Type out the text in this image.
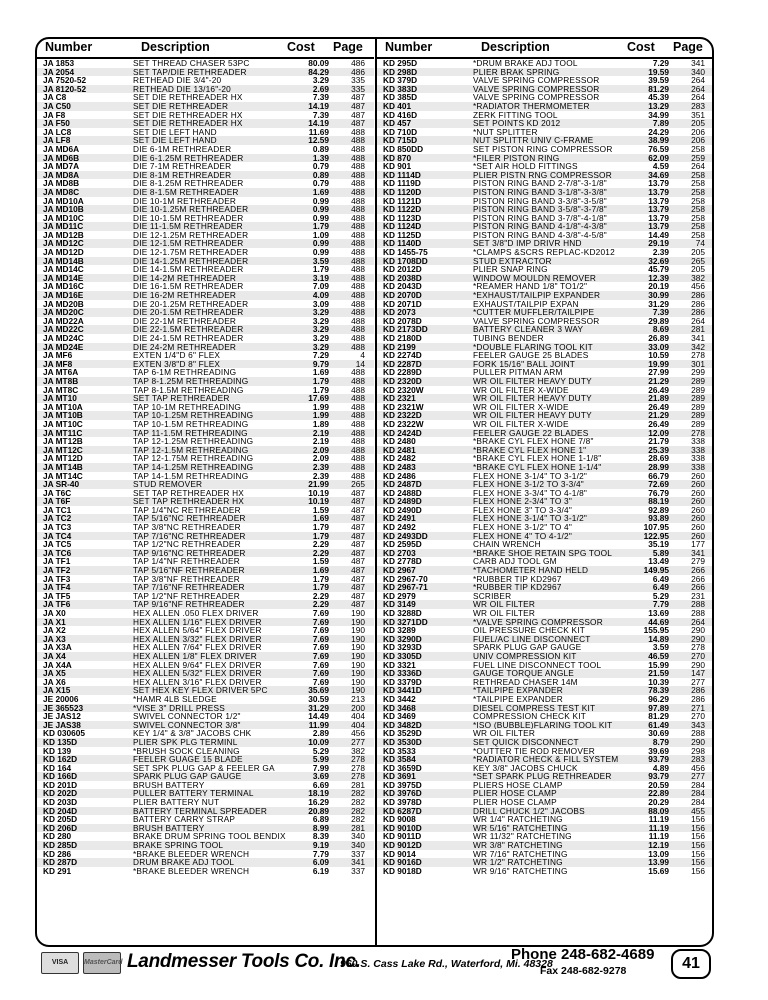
Number	Description	Cost Page
JA 1853	SET THREAD CHASER 53PC	80.09	486
JA 2054	SET TAP/DIE RETHREADER	84.29	486
JA 7520-52	RETHEAD DIE 3/4"-20	3.29	335
JA 8120-52	RETHEAD DIE 13/16"-20	2.69	335
JA C8	SET DIE RETHREADER HX	7.39	487
JA C50	SET DIE RETHREADER	14.19	487
JA F8	SET DIE RETHREADER HX	7.39	487
JA F50	SET DIE RETHREADER HX	14.19	487
JA LC8	SET DIE LEFT HAND	11.69	488
JA LF8	SET DIE LEFT HAND	12.59	488
JA MD6A	DIE 6-1M RETHREADER	0.89	488
JA MD6B	DIE 6-1.25M RETHREADER	1.39	488
JA MD7A	DIE 7-1M RETHREADER	0.79	488
JA MD8A	DIE 8-1M RETHREADER	0.89	488
JA MD8B	DIE 8-1.25M RETHREADER	0.79	488
JA MD8C	DIE 8-1.5M RETHREADER	1.69	488
JA MD10A	DIE 10-1M RETHREADER	0.99	488
JA MD10B	DIE 10-1.25M RETHREADER	0.99	488
JA MD10C	DIE 10-1.5M RETHREADER	0.99	488
JA MD11C	DIE 11-1.5M RETHREADER	1.79	488
JA MD12B	DIE 12-1.25M RETHREADER	1.09	488
JA MD12C	DIE 12-1.5M RETHREADER	0.99	488
JA MD12D	DIE 12-1.75M RETHREADER	0.99	488
JA MD14B	DIE 14-1.25M RETHREADER	3.59	488
JA MD14C	DIE 14-1.5M RETHREADER	1.79	488
JA MD14E	DIE 14-2M RETHREADER	3.19	488
JA MD16C	DIE 16-1.5M RETHREADER	7.09	488
JA MD16E	DIE 16-2M RETHREADER	4.09	488
JA MD20B	DIE 20-1.25M RETHREADER	3.09	488
JA MD20C	DIE 20-1.5M RETHREADER	3.29	488
JA MD22A	DIE 22-1M RETHREADER	3.29	488
JA MD22C	DIE 22-1.5M RETHREADER	3.29	488
JA MD24C	DIE 24-1.5M RETHREADER	3.29	488
JA MD24E	DIE 24-2M RETHREADER	3.29	488
JA MF6	EXTEN 1/4"D 6" FLEX	7.29	4
JA MF8	EXTEN 3/8"D 8" FLEX	9.79	14
JA MT6A	TAP 6-1M RETHREADING	1.69	488
JA MT8B	TAP 8-1.25M RETHREADING	1.79	488
JA MT8C	TAP 8-1.5M RETHREADING	1.79	488
JA MT10	SET TAP RETHREADER	17.69	488
JA MT10A	TAP 10-1M RETHREADING	1.99	488
JA MT10B	TAP 10-1.25M RETHREADING	1.99	488
JA MT10C	TAP 10-1.5M RETHREADING	1.89	488
JA MT11C	TAP 11-1.5M RETHREADING	2.19	488
JA MT12B	TAP 12-1.25M RETHREADING	2.19	488
JA MT12C	TAP 12-1.5M RETHREADING	2.09	488
JA MT12D	TAP 12-1.75M RETHREADING	2.09	488
JA MT14B	TAP 14-1.25M RETHREADING	2.39	488
JA MT14C	TAP 14-1.5M RETHREADING	2.39	488
JA SR-40	STUD REMOVER	21.99	265
JA T6C	SET TAP RETHREADER HX	10.19	487
JA T6F	SET TAP RETHREADER HX	10.19	487
JA TC1	TAP 1/4"NC RETHREADER	1.59	487
JA TC2	TAP 5/16"NC RETHREADER	1.69	487
JA TC3	TAP 3/8"NC RETHREADER	1.79	487
JA TC4	TAP 7/16"NC RETHREADER	1.79	487
JA TC5	TAP 1/2"NC RETHREADER	2.29	487
JA TC6	TAP 9/16"NC RETHREADER	2.29	487
JA TF1	TAP 1/4"NF RETHREADER	1.59	487
JA TF2	TAP 5/16"NF RETHREADER	1.69	487
JA TF3	TAP 3/8"NF RETHREADER	1.79	487
JA TF4	TAP 7/16"NF RETHREADER	1.79	487
JA TF5	TAP 1/2"NF RETHREADER	2.29	487
JA TF6	TAP 9/16"NF RETHREADER	2.29	487
JA X0	HEX ALLEN .050 FLEX DRIVER	7.69	190
JA X1	HEX ALLEN 1/16" FLEX DRIVER	7.69	190
JA X2	HEX ALLEN 5/64" FLEX DRIVER	7.69	190
JA X3	HEX ALLEN 3/32" FLEX DRIVER	7.69	190
JA X3A	HEX ALLEN 7/64" FLEX DRIVER	7.69	190
JA X4	HEX ALLEN 1/8" FLEX DRIVER	7.69	190
JA X4A	HEX ALLEN 9/64" FLEX DRIVER	7.69	190
JA X5	HEX ALLEN 5/32" FLEX DRIVER	7.69	190
JA X6	HEX ALLEN 3/16" FLEX DRIVER	7.69	190
JA X15	SET HEX KEY FLEX DRIVER 5PC	35.69	190
JE 20006	*HAMR 4LB SLEDGE	30.59	213
JE 365523	*VISE 3" DRILL PRESS	31.29	200
JE JAS12	SWIVEL CONNECTOR 1/2"	14.49	404
JE JAS38	SWIVEL CONNECTOR 3/8"	11.99	404
KD 030605	KEY 1/4" & 3/8" JACOBS CHK	2.89	456
KD 135D	PLIER SPK PLG TERMINL	10.09	277
KD 139	*BRUSH SOCK CLEANING	5.29	382
KD 162D	FEELER GUAGE 15 BLADE	5.99	278
KD 164	SET SPK PLUG GAP & FEELER GA	7.99	278
KD 166D	SPARK PLUG GAP GAUGE	3.69	278
KD 201D	BRUSH BATTERY	6.69	281
KD 202D	PULLER BATTERY TERMINAL	18.19	282
KD 203D	PLIER BATTERY NUT	16.29	282
KD 204D	BATTERY TERMINAL SPREADER	20.89	282
KD 205D	BATTERY CARRY STRAP	6.89	282
KD 206D	BRUSH BATTERY	8.99	281
KD 280	BRAKE DRUM SPRING TOOL BENDIX	8.39	340
KD 285D	BRAKE SPRING TOOL	9.19	340
KD 286	*BRAKE BLEEDER WRENCH	7.79	337
KD 287D	DRUM BRAKE ADJ TOOL	6.09	341
KD 291	*BRAKE BLEEDER WRENCH	6.19	337
Number	Description	Cost Page
KD 295D	*DRUM BRAKE ADJ TOOL	7.29	341
KD 298D	PLIER BRAK SPRING	19.59	340
KD 379D	VALVE SPRING COMPRESSOR	39.59	264
KD 383D	VALVE SPRING COMPRESSOR	81.29	264
KD 385D	VALVE SPRING COMPRESSOR	45.39	264
KD 401	*RADIATOR THERMOMETER	13.29	283
KD 416D	ZERK FITTING TOOL	34.99	351
KD 457	SET POINTS KD 2012	7.89	205
KD 710D	*NUT SPLITTER	24.29	206
KD 715D	NUT SPLITTR UNIV C-FRAME	38.99	206
KD 850DD	SET PISTON RING COMPRESSOR	76.59	258
KD 870	*FILER PISTON RING	62.09	259
KD 901	*SET AIR HOLD FITTINGS	4.59	264
KD 1114D	PLIER PISTN RNG COMPRESSOR	34.69	258
KD 1119D	PISTON RING BAND 2-7/8"-3-1/8"	13.79	258
KD 1120D	PISTON RING BAND 3-1/8"-3-3/8"	13.79	258
KD 1121D	PISTON RING BAND 3-3/8"-3-5/8"	13.79	258
KD 1122D	PISTON RING BAND 3-5/8"-3-7/8"	13.79	258
KD 1123D	PISTON RING BAND 3-7/8"-4-1/8"	13.79	258
KD 1124D	PISTON RING BAND 4-1/8"-4-3/8"	13.79	258
KD 1125D	PISTON RING BAND 4-3/8"-4-5/8"	14.49	258
KD 1140D	SET 3/8"D IMP DRIVR HND	29.19	74
KD 1455-75	*CLAMPS &SCRS REPLAC-KD2012	2.39	205
KD 1708DD	STUD EXTRACTOR	32.69	265
KD 2012D	PLIER SNAP RING	45.79	205
KD 2038D	WINDOW MOULDN REMOVER	12.39	382
KD 2043D	*REAMER HAND 1/8" TO1/2"	20.19	456
KD 2070D	*EXHAUST/TAILPIP EXPANDER	30.99	286
KD 2071D	EXHAUST/TAILPIP EXPAN	31.29	286
KD 2073	*CUTTER MUFFLER/TAILPIPE	7.39	286
KD 2078D	VALVE SPRING COMPRESSOR	29.89	264
KD 2173DD	BATTERY CLEANER 3 WAY	8.69	281
KD 2180D	TUBING BENDER	26.89	341
KD 2199	*DOUBLE FLARING TOOL KIT	33.09	342
KD 2274D	FEELER GAUGE 25 BLADES	10.59	278
KD 2287D	FORK 15/16" BALL JOINT	19.99	301
KD 2289D	PULLER PITMAN ARM	27.99	299
KD 2320D	WR OIL FILTER HEAVY DUTY	21.29	289
KD 2320W	WR OIL FILTER X-WIDE	26.49	289
KD 2321	WR OIL FILTER HEAVY DUTY	21.89	289
KD 2321W	WR OIL FILTER X-WIDE	26.49	289
KD 2322D	WR OIL FILTER HEAVY DUTY	21.29	289
KD 2322W	WR OIL FILTER X-WIDE	26.49	289
KD 2424D	FEELER GAUGE 22 BLADES	12.09	278
KD 2480	*BRAKE CYL FLEX HONE 7/8"	21.79	338
KD 2481	*BRAKE CYL FLEX HONE 1"	25.39	338
KD 2482	*BRAKE CYL FLEX HONE 1-1/8"	28.69	338
KD 2483	*BRAKE CYL FLEX HONE 1-1/4"	28.99	338
KD 2486	FLEX HONE 3-1/4" TO 3-1/2"	66.79	260
KD 2487D	FLEX HONE 3-1/2 TO 3-3/4"	72.69	260
KD 2488D	FLEX HONE 3-3/4" TO 4-1/8"	76.79	260
KD 2489D	FLEX HONE 2-3/4" TO 3"	88.19	260
KD 2490D	FLEX HONE 3" TO 3-3/4"	92.89	260
KD 2491	FLEX HONE 3-1/4" TO 3-1/2"	93.89	260
KD 2492	FLEX HONE 3-1/2" TO 4"	107.95	260
KD 2493DD	FLEX HONE 4" TO 4-1/2"	122.95	260
KD 2595D	CHAIN WRENCH	35.19	177
KD 2703	*BRAKE SHOE RETAIN SPG TOOL	5.89	341
KD 2778D	CARB ADJ TOOL GM	13.49	279
KD 2967	*TACHOMETER HAND HELD	149.95	266
KD 2967-70	*RUBBER TIP KD2967	6.49	266
KD 2967-71	*RUBBER TIP KD2967	6.49	266
KD 2979	SCRIBER	5.29	231
KD 3149	WR OIL FILTER	7.79	288
KD 3288D	WR OIL FILTER	13.69	288
KD 3271DD	*VALVE SPRING COMPRESSOR	44.69	264
KD 3289	OIL PRESSURE CHECK KIT	155.95	290
KD 3290D	FUEL/AC LINE DISCONNECT	14.89	290
KD 3293D	SPARK PLUG GAP GAUGE	3.59	278
KD 3305D	UNIV COMPRESSION KIT	46.59	270
KD 3321	FUEL LINE DISCONNECT TOOL	15.99	290
KD 3336D	GAUGE TORQUE ANGLE	21.59	147
KD 3379D	RETHREAD CHASER 14M	10.39	277
KD 3441D	*TAILPIPE EXPANDER	78.39	286
KD 3442	*TAILPIPE EXPANDER	96.29	286
KD 3468	DIESEL COMPRESS TEST KIT	97.89	271
KD 3469	COMPRESSION CHECK KIT	81.29	270
KD 3482D	*ISO (BUBBLE)FLARING TOOL KIT	61.49	343
KD 3529D	WR OIL FILTER	30.69	288
KD 3530D	SET QUICK DISCONNECT	8.79	290
KD 3533	*OUTTER TIE ROD REMOVER	39.69	298
KD 3584	*RADIATOR CHECK & FILL SYSTEM	93.79	283
KD 3659D	KEY 3/8" JACOBS CHUCK	4.89	456
KD 3691	*SET SPARK PLUG RETHREADER	93.79	277
KD 3975D	PLIERS HOSE CLAMP	20.59	284
KD 3976D	PLIER HOSE CLAMP	22.89	284
KD 3978D	PLIER HOSE CLAMP	20.29	284
KD 6287D	DRILL CHUCK 1/2" JACOBS	88.09	455
KD 9008	WR 1/4" RATCHETING	11.19	156
KD 9010D	WR 5/16" RATCHETING	11.19	156
KD 9011D	WR 11/32" RATCHETING	11.19	156
KD 9012D	WR 3/8" RATCHETING	12.19	156
KD 9014	WR 7/16" RATCHETING	13.09	156
KD 9016D	WR 1/2" RATCHETING	13.99	156
KD 9018D	WR 9/16" RATCHETING	15.69	156
VISA	MasterCard Landmesser Tools Co. Inc.
960 S. Cass Lake Rd., Waterford, Mi. 48328
Phone 248-682-4689
Fax 248-682-9278	41
